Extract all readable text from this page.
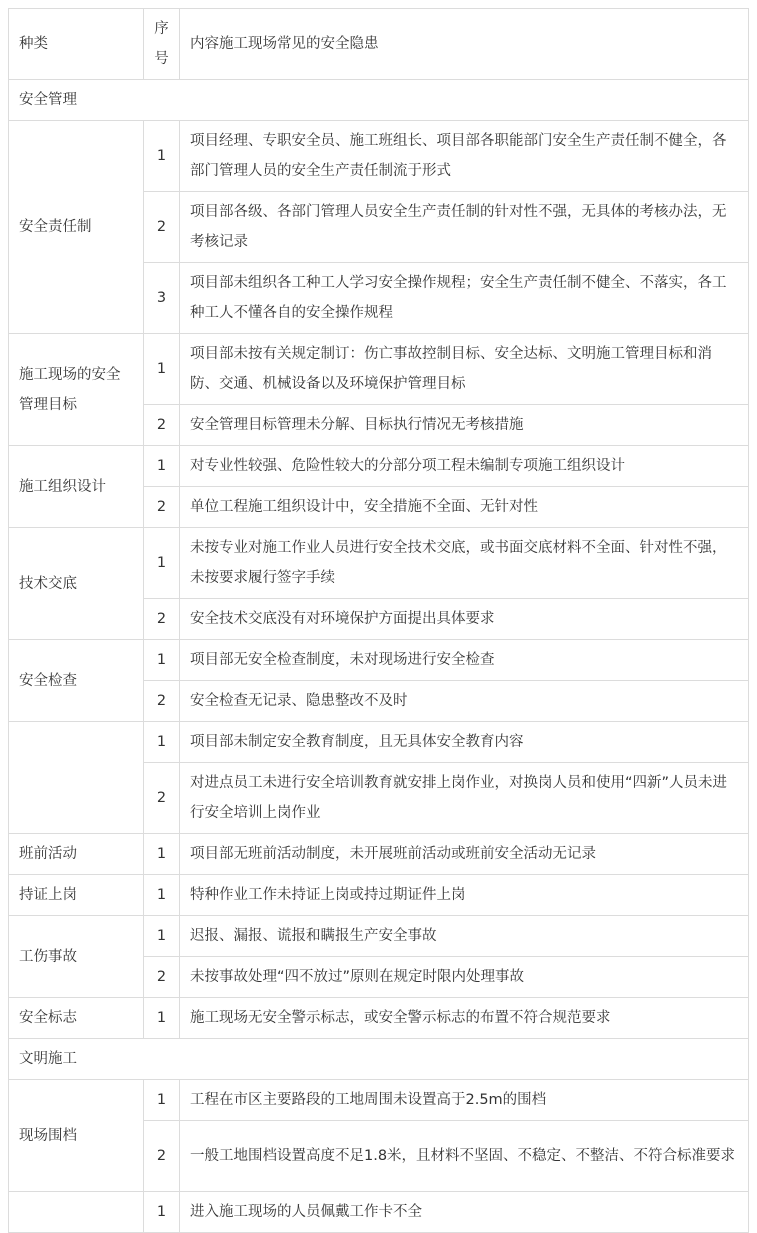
种类	序号	内容施工现场常见的安全隐患
安全管理		
安全责任制	1	项目经理、专职安全员、施工班组长、项目部各职能部门安全生产责任制不健全，各部门管理人员的安全生产责任制流于形式
	2	项目部各级、各部门管理人员安全生产责任制的针对性不强，无具体的考核办法，无考核记录
	3	项目部未组织各工种工人学习安全操作规程；安全生产责任制不健全、不落实，各工种工人不懂各自的安全操作规程
施工现场的安全管理目标	1	项目部未按有关规定制订：伤亡事故控制目标、安全达标、文明施工管理目标和消防、交通、机械设备以及环境保护管理目标
	2	安全管理目标管理未分解、目标执行情况无考核措施
施工组织设计	1	对专业性较强、危险性较大的分部分项工程未编制专项施工组织设计
	2	单位工程施工组织设计中，安全措施不全面、无针对性
技术交底	1	未按专业对施工作业人员进行安全技术交底，或书面交底材料不全面、针对性不强，未按要求履行签字手续
	2	安全技术交底没有对环境保护方面提出具体要求
安全检查	1	项目部无安全检查制度，未对现场进行安全检查
	2	安全检查无记录、隐患整改不及时
	1	项目部未制定安全教育制度，且无具体安全教育内容
	2	对进点员工未进行安全培训教育就安排上岗作业，对换岗人员和使用“四新”人员未进行安全培训上岗作业
班前活动	1	项目部无班前活动制度，未开展班前活动或班前安全活动无记录
持证上岗	1	特种作业工作未持证上岗或持过期证件上岗
工伤事故	1	迟报、漏报、谎报和瞒报生产安全事故
	2	未按事故处理“四不放过”原则在规定时限内处理事故
安全标志	1	施工现场无安全警示标志，或安全警示标志的布置不符合规范要求
文明施工		
现场围档	1	工程在市区主要路段的工地周围未设置高于2.5m的围档
	2	一般工地围档设置高度不足1.8米，且材料不坚固、不稳定、不整洁、不符合标准要求
	1	进入施工现场的人员佩戴工作卡不全
